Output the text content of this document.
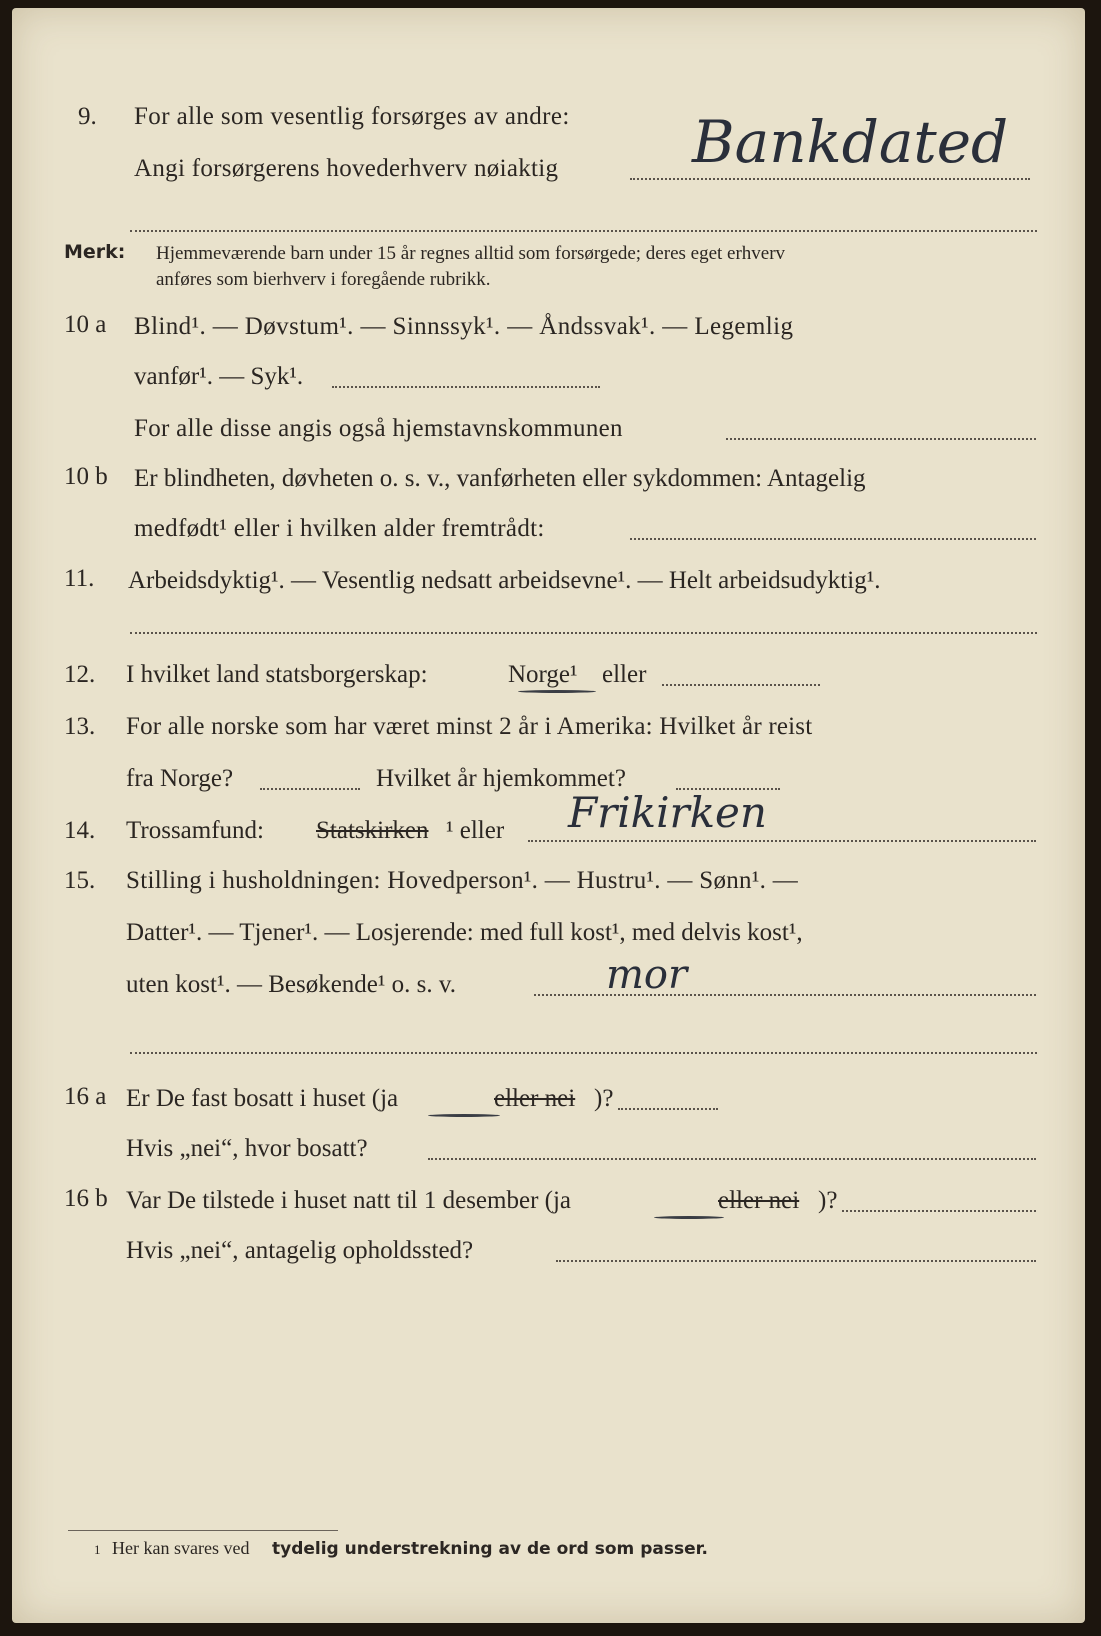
9. For alle som vesentlig forsørges av andre:
Angi forsørgerens hovederhverv nøiaktig Bankdated
Merk: Hjemmeværende barn under 15 år regnes alltid som forsørgede; deres eget erhverv
anføres som bierhverv i foregående rubrikk.
10 a Blind¹. — Døvstum¹. — Sinnssyk¹. — Åndssvak¹. — Legemlig
vanfør¹. — Syk¹.
For alle disse angis også hjemstavnskommunen
10 b Er blindheten, døvheten o. s. v., vanførheten eller sykdommen: Antagelig
medfødt¹ eller i hvilken alder fremtrådt:
11. Arbeidsdyktig¹. — Vesentlig nedsatt arbeidsevne¹. — Helt arbeidsudyktig¹.
12. I hvilket land statsborgerskap:	Norge¹ eller
13. For alle norske som har været minst 2 år i Amerika: Hvilket år reist
fra Norge?	Hvilket år hjemkommet?
14. Trossamfund: Statskirken ¹ eller Frikirken
15. Stilling i husholdningen: Hovedperson¹. — Hustru¹. — Sønn¹. —
Datter¹. — Tjener¹. — Losjerende: med full kost¹, med delvis kost¹,
uten kost¹. — Besøkende¹ o. s. v.	mor
16 a Er De fast bosatt i huset (ja	eller nei )?
Hvis „nei“, hvor bosatt?
16 b Var De tilstede i huset natt til 1 desember (ja	eller nei )?
Hvis „nei“, antagelig opholdssted?
1 Her kan svares ved tydelig understrekning av de ord som passer.
